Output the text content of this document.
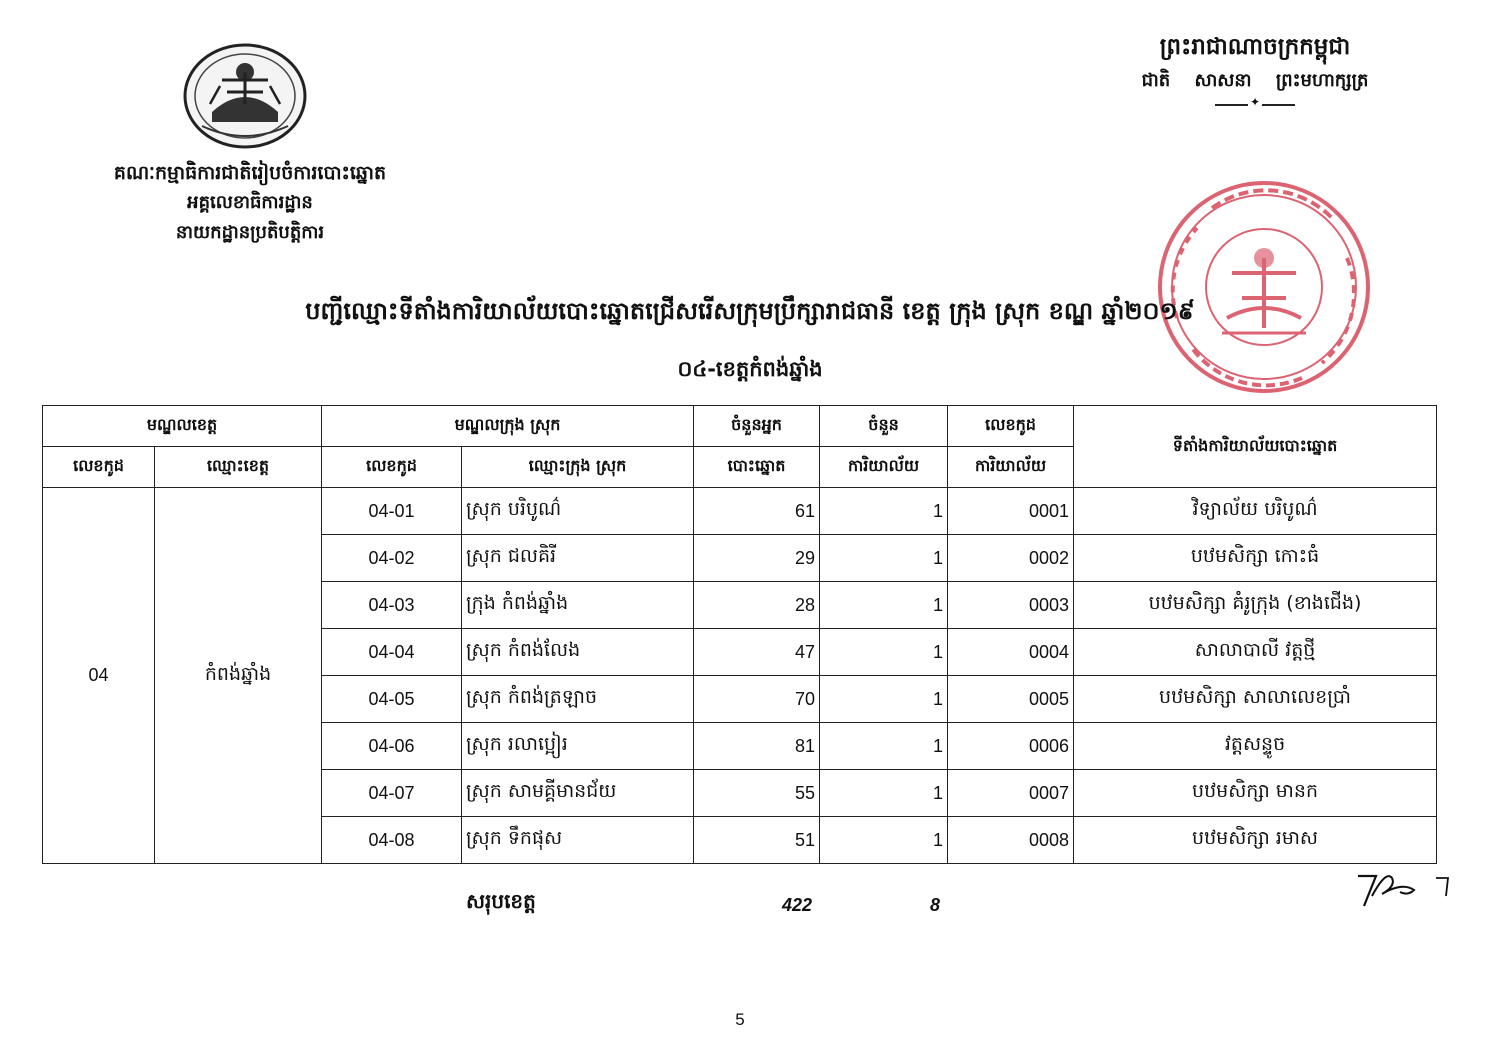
គណៈកម្មាធិការជាតិរៀបចំការបោះឆ្នោត
អគ្គលេខាធិការដ្ឋាន
នាយកដ្ឋានប្រតិបត្តិការ
ព្រះរាជាណាចក្រកម្ពុជា
ជាតិ សាសនា ព្រះមហាក្សត្រ
✦
បញ្ជីឈ្មោះទីតាំងការិយាល័យបោះឆ្នោតជ្រើសរើសក្រុមប្រឹក្សារាជធានី ខេត្ត ក្រុង ស្រុក ខណ្ឌ ឆ្នាំ២០១៩
០៤-ខេត្តកំពង់ឆ្នាំង
មណ្ឌលខេត្ត		មណ្ឌលក្រុង ស្រុក		ចំនួនអ្នក	ចំនួន	លេខកូដ	ទីតាំងការិយាល័យបោះឆ្នោត
លេខកូដ	ឈ្មោះខេត្ត	លេខកូដ	ឈ្មោះក្រុង ស្រុក	បោះឆ្នោត	ការិយាល័យ	ការិយាល័យ	
04	កំពង់ឆ្នាំង	04-01	ស្រុក បរិបូណ៌	61	1	0001	វិទ្យាល័យ បរិបូណ៌
		04-02	ស្រុក ជលគិរី	29	1	0002	បឋមសិក្សា កោះធំ
		04-03	ក្រុង កំពង់ឆ្នាំង	28	1	0003	បឋមសិក្សា គំរូក្រុង (ខាងជើង)
		04-04	ស្រុក កំពង់លែង	47	1	0004	សាលាបាលី វត្តថ្មី
		04-05	ស្រុក កំពង់ត្រឡាច	70	1	0005	បឋមសិក្សា សាលាលេខប្រាំ
		04-06	ស្រុក រលាប្អៀរ	81	1	0006	វត្តសន្ទូច
		04-07	ស្រុក សាមគ្គីមានជ័យ	55	1	0007	បឋមសិក្សា មានក
		04-08	ស្រុក ទឹកផុស	51	1	0008	បឋមសិក្សា រមាស
សរុបខេត្ត	422	8
5
